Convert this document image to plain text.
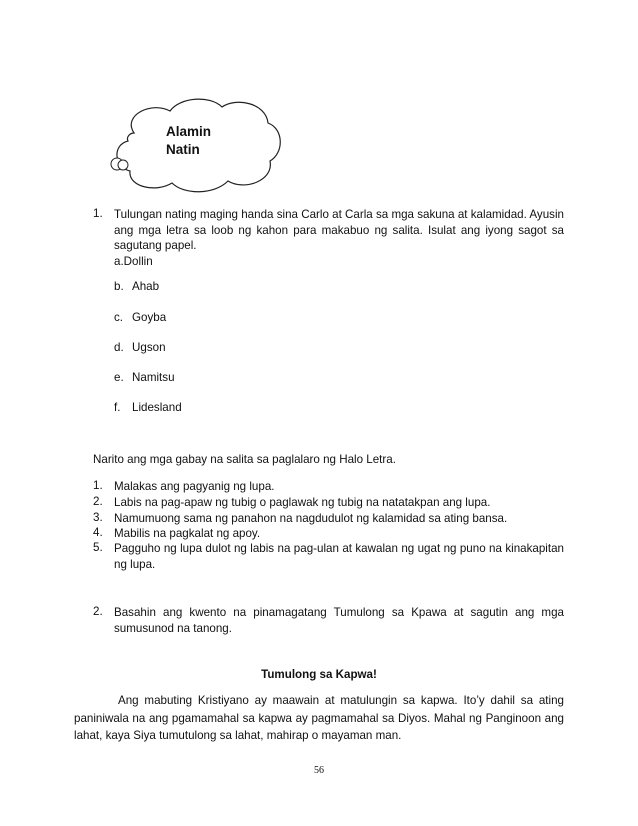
Alamin
Natin
1. Tulungan nating maging handa sina Carlo at Carla sa mga sakuna at kalamidad. Ayusin
ang mga letra sa loob ng kahon para makabuo ng salita. Isulat ang iyong sagot sa
sagutang papel.
a.Dollin
b. Ahab
c. Goyba
d. Ugson
e. Namitsu
f. Lidesland
Narito ang mga gabay na salita sa paglalaro ng Halo Letra.
1. Malakas ang pagyanig ng lupa.
2. Labis na pag-apaw ng tubig o paglawak ng tubig na natatakpan ang lupa.
3. Namumuong sama ng panahon na nagdudulot ng kalamidad sa ating bansa.
4. Mabilis na pagkalat ng apoy.
5. Pagguho ng lupa dulot ng labis na pag-ulan at kawalan ng ugat ng puno na kinakapitan
ng lupa.
2. Basahin ang kwento na pinamagatang Tumulong sa Kpawa at sagutin ang mga
sumusunod na tanong.
Tumulong sa Kapwa!
Ang mabuting Kristiyano ay maawain at matulungin sa kapwa. Ito’y dahil sa ating
paniniwala na ang pgamamahal sa kapwa ay pagmamahal sa Diyos. Mahal ng Panginoon ang
lahat, kaya Siya tumutulong sa lahat, mahirap o mayaman man.
56
